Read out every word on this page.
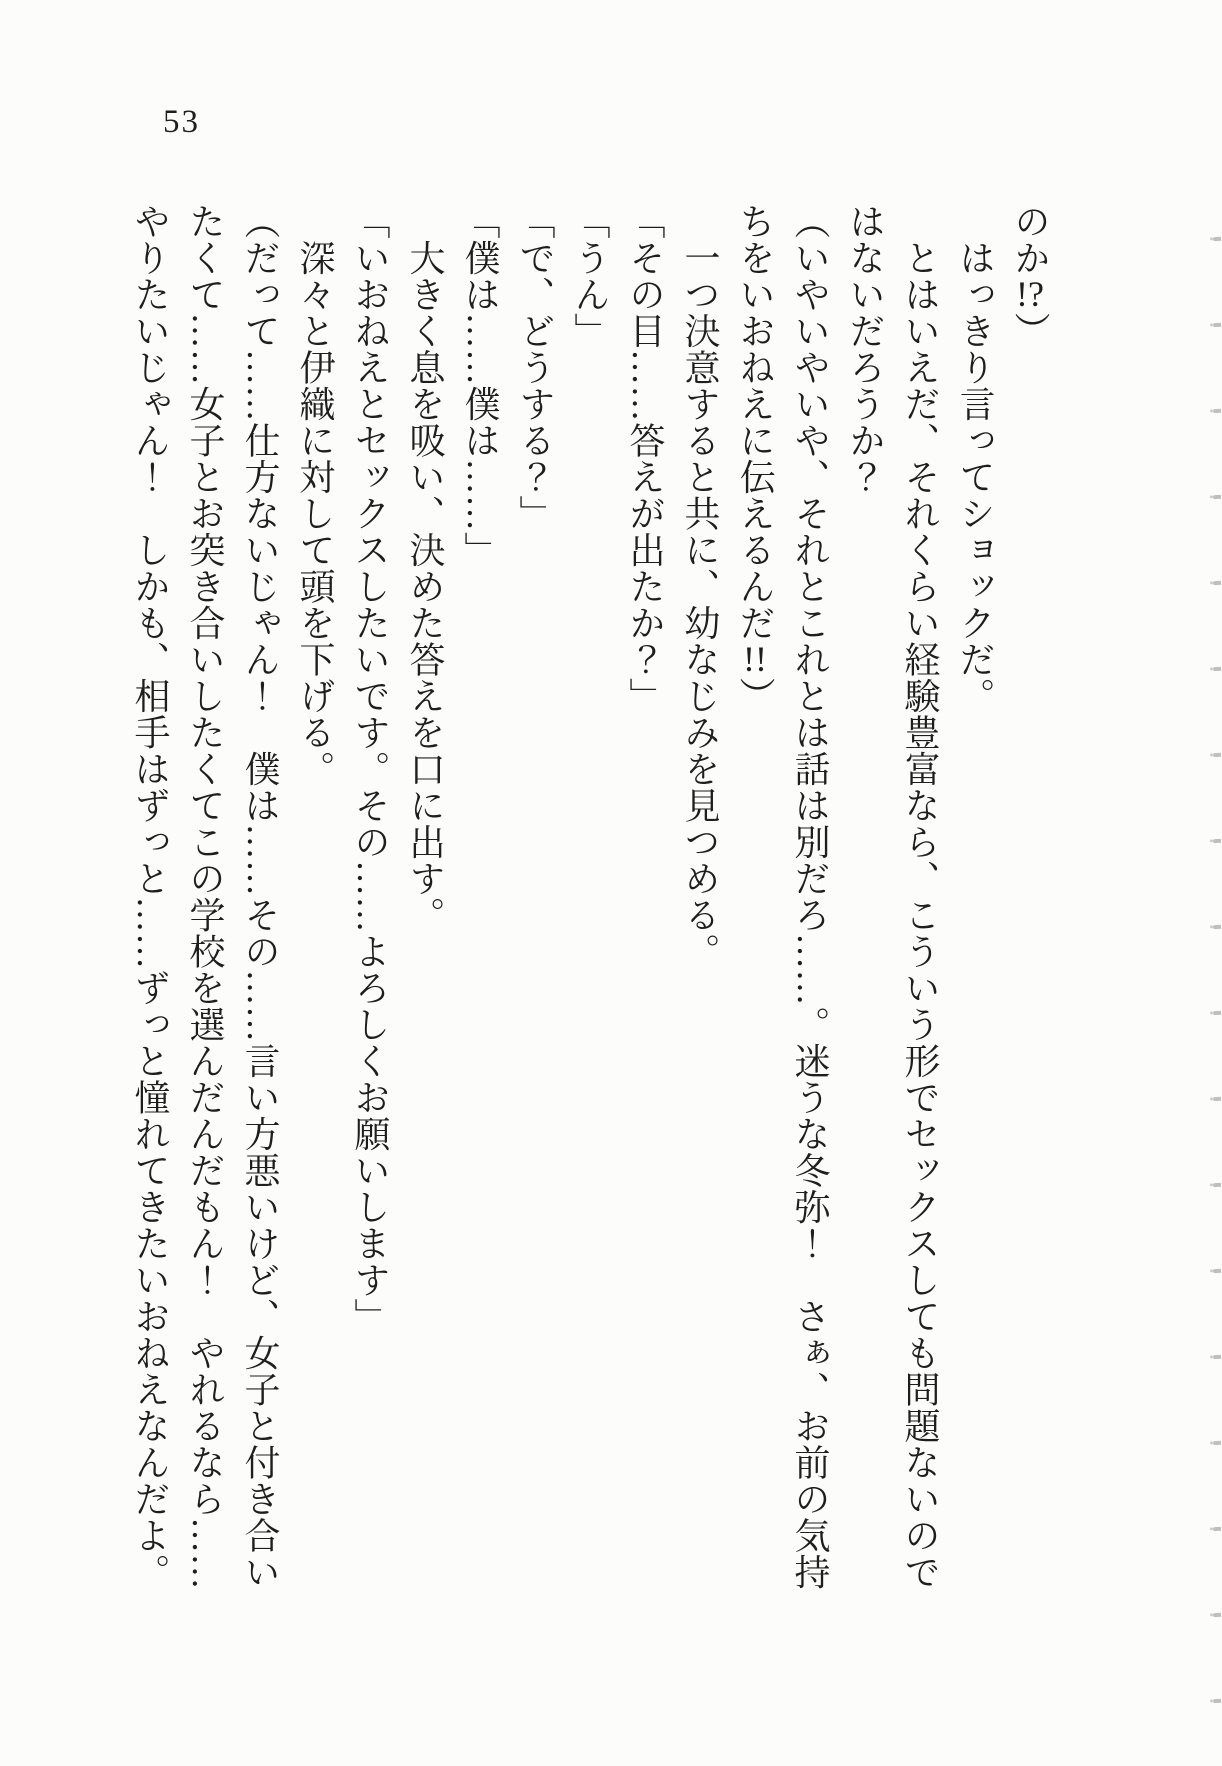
53
のか!?）
　はっきり言ってショックだ。
　とはいえだ、それくらい経験豊富なら、こういう形でセックスしても問題ないので
はないだろうか？
（いやいやいや、それとこれとは話は別だろ……。迷うな冬弥！　さぁ、お前の気持
ちをいおねえに伝えるんだ!!）
　一つ決意すると共に、幼なじみを見つめる。
「その目……答えが出たか？」
「うん」
「で、どうする？」
「僕は……僕は……」
　大きく息を吸い、決めた答えを口に出す。
「いおねえとセックスしたいです。その……よろしくお願いします」
　深々と伊織に対して頭を下げる。
（だって……仕方ないじゃん！　僕は……その……言い方悪いけど、女子と付き合い
たくて……女子とお突き合いしたくてこの学校を選んだんだもん！　やれるなら……
やりたいじゃん！　しかも、相手はずっと……ずっと憧れてきたいおねえなんだよ。
